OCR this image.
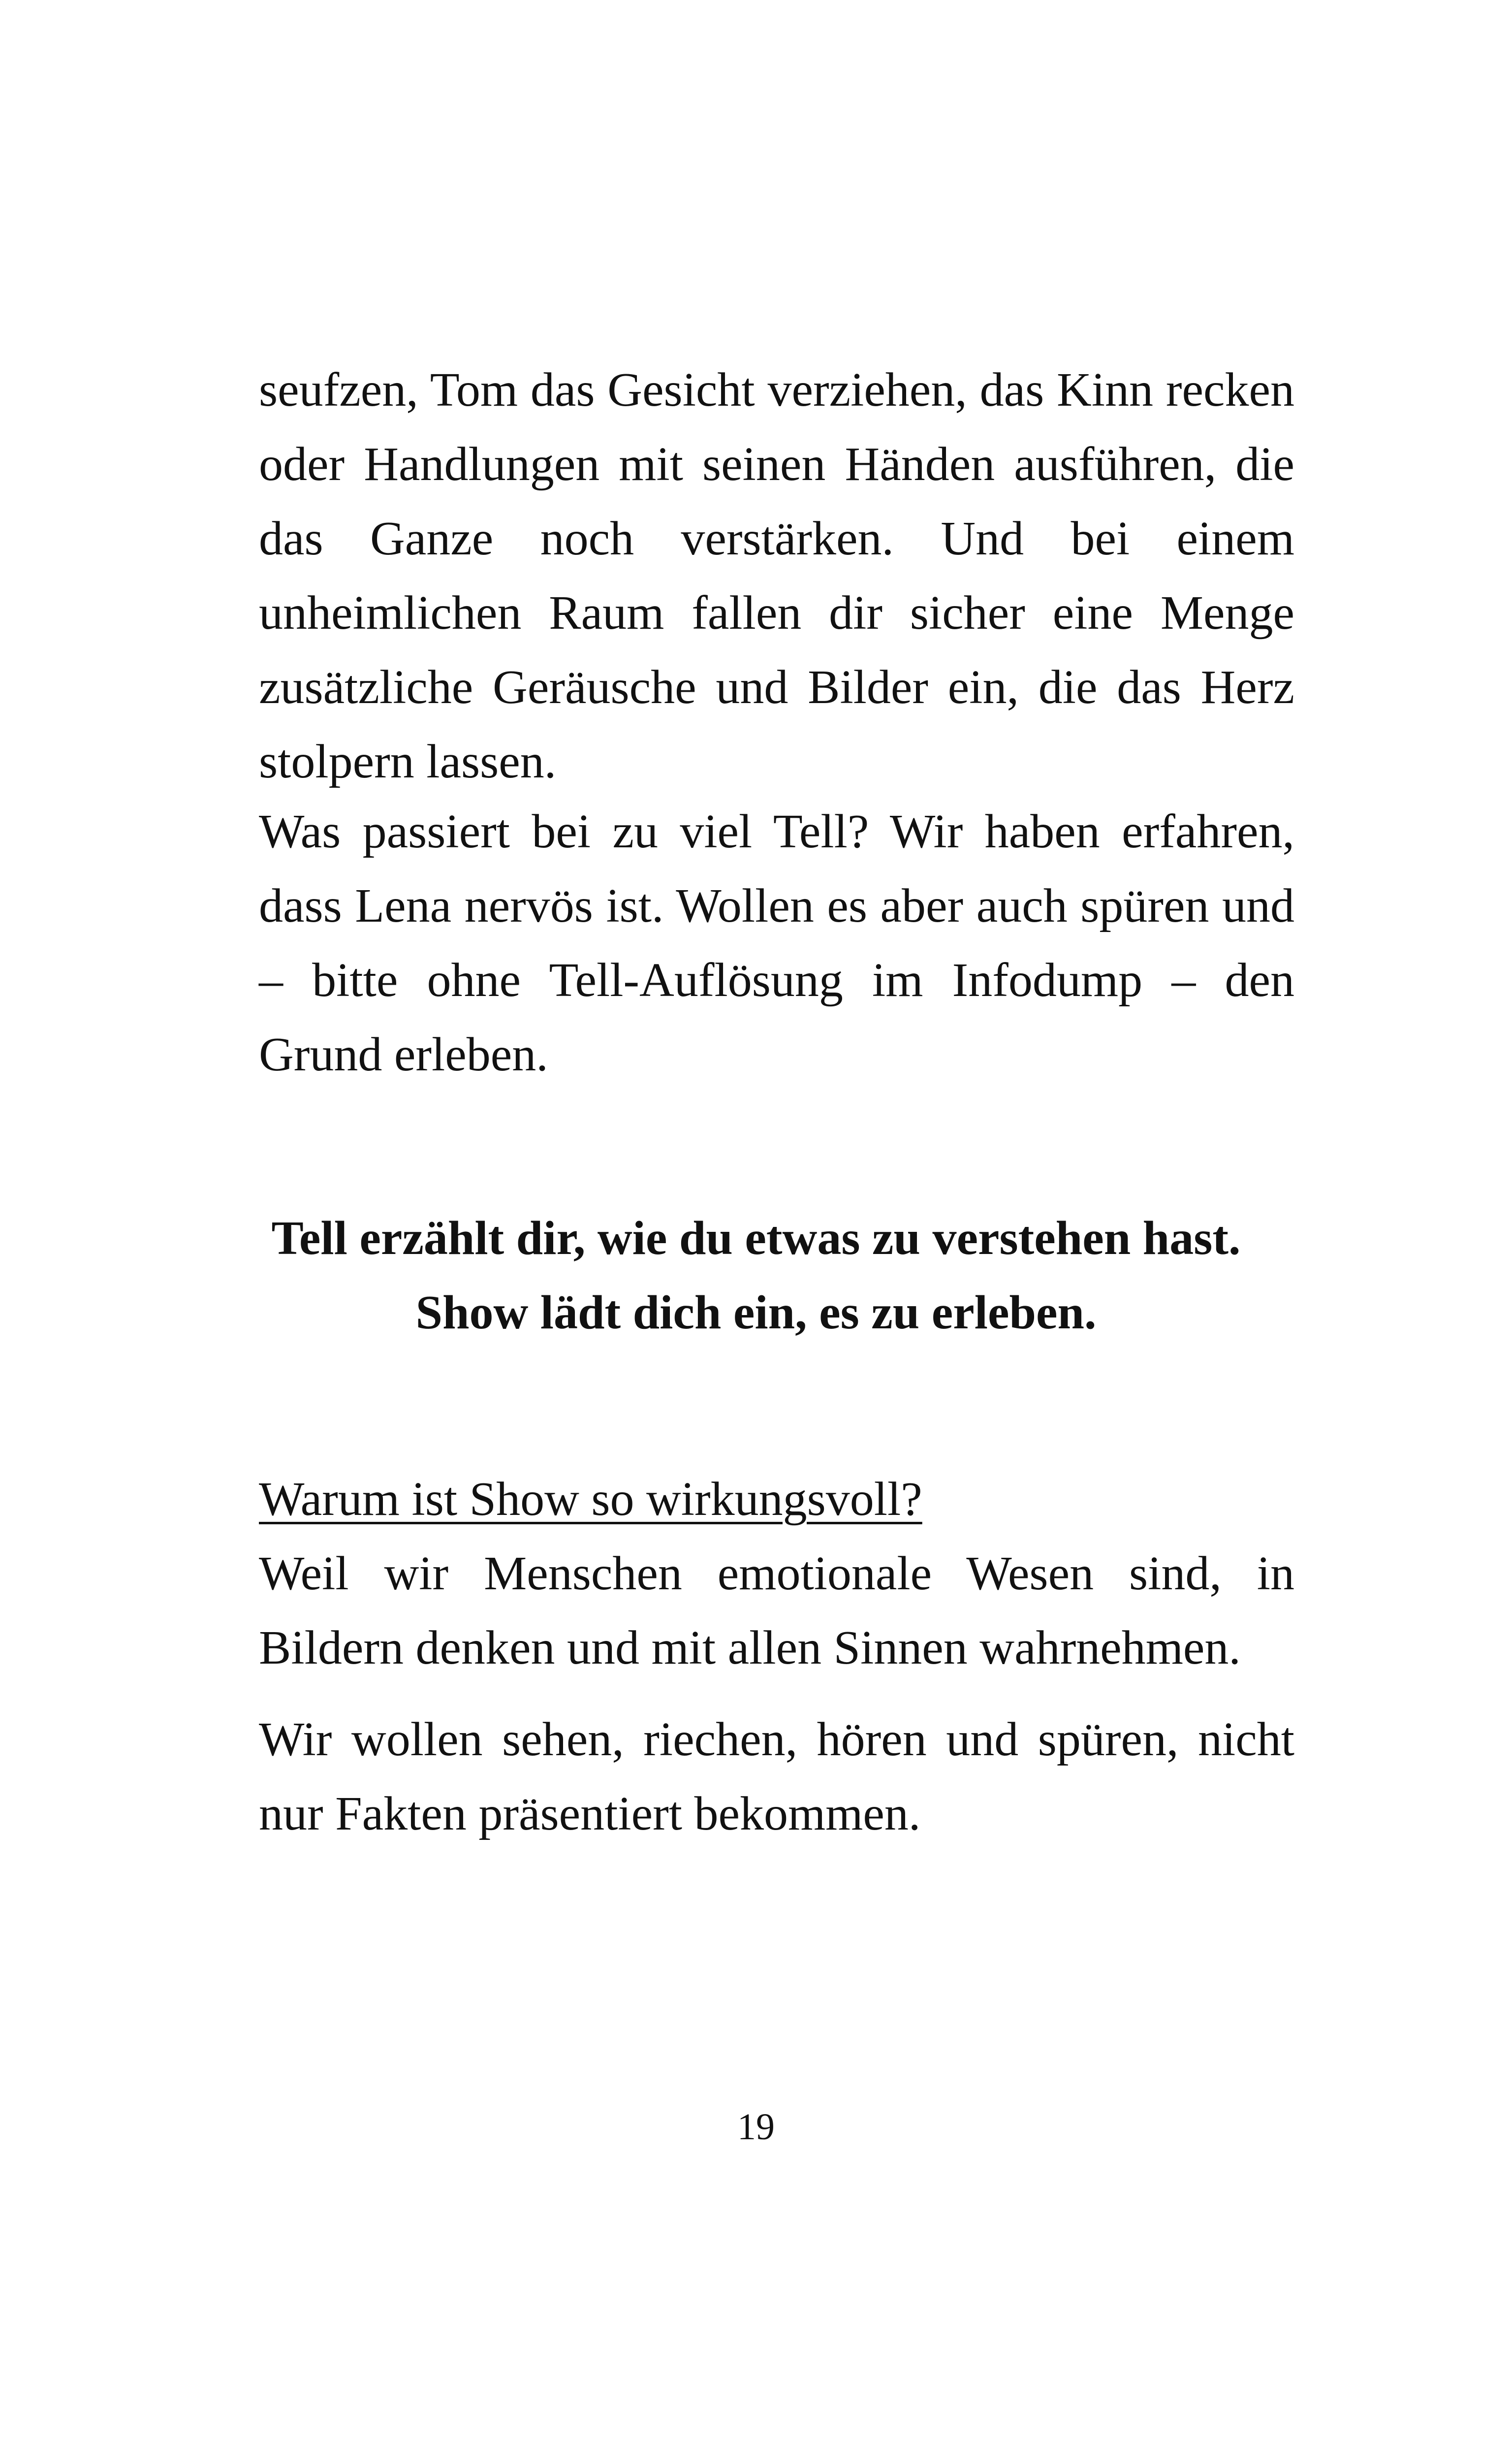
seufzen, Tom das Gesicht verziehen, das Kinn recken oder Handlungen mit seinen Händen ausführen, die das Ganze noch verstärken. Und bei einem unheimlichen Raum fallen dir sicher eine Menge zusätzliche Geräusche und Bilder ein, die das Herz stolpern lassen.

Was passiert bei zu viel Tell? Wir haben erfahren, dass Lena nervös ist. Wollen es aber auch spüren und – bitte ohne Tell-Auflösung im Infodump – den Grund erleben.

Tell erzählt dir, wie du etwas zu verstehen hast.
Show lädt dich ein, es zu erleben.

Warum ist Show so wirkungsvoll?
Weil wir Menschen emotionale Wesen sind, in Bildern denken und mit allen Sinnen wahrnehmen.

Wir wollen sehen, riechen, hören und spüren, nicht nur Fakten präsentiert bekommen.

19
